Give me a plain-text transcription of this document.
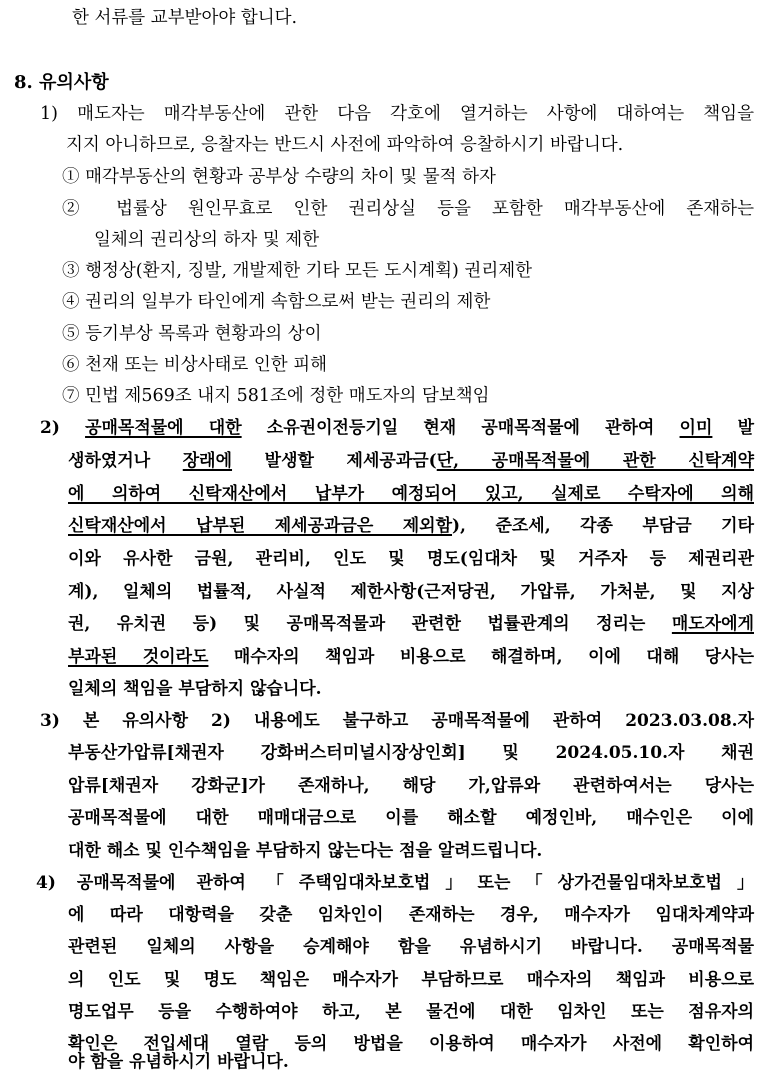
한 서류를 교부받아야 합니다.
8. 유의사항
1) 매도자는 매각부동산에 관한 다음 각호에 열거하는 사항에 대하여는 책임을
지지 아니하므로, 응찰자는 반드시 사전에 파악하여 응찰하시기 바랍니다.
① 매각부동산의 현황과 공부상 수량의 차이 및 물적 하자
② 법률상 원인무효로 인한 권리상실 등을 포함한 매각부동산에 존재하는
일체의 권리상의 하자 및 제한
③ 행정상(환지, 징발, 개발제한 기타 모든 도시계획) 권리제한
④ 권리의 일부가 타인에게 속함으로써 받는 권리의 제한
⑤ 등기부상 목록과 현황과의 상이
⑥ 천재 또는 비상사태로 인한 피해
⑦ 민법 제569조 내지 581조에 정한 매도자의 담보책임
2) 공매목적물에 대한 소유권이전등기일 현재 공매목적물에 관하여 이미 발
생하였거나 장래에 발생할 제세공과금(단, 공매목적물에 관한 신탁계약
에 의하여 신탁재산에서 납부가 예정되어 있고, 실제로 수탁자에 의해
신탁재산에서 납부된 제세공과금은 제외함), 준조세, 각종 부담금 기타
이와 유사한 금원, 관리비, 인도 및 명도(임대차 및 거주자 등 제권리관
계), 일체의 법률적, 사실적 제한사항(근저당권, 가압류, 가처분, 및 지상
권, 유치권 등) 및 공매목적물과 관련한 법률관계의 정리는 매도자에게
부과된 것이라도 매수자의 책임과 비용으로 해결하며, 이에 대해 당사는
일체의 책임을 부담하지 않습니다.
3) 본 유의사항 2) 내용에도 불구하고 공매목적물에 관하여 2023.03.08.자
부동산가압류[채권자 강화버스터미널시장상인회] 및 2024.05.10.자 채권
압류[채권자 강화군]가 존재하나, 해당 가,압류와 관련하여서는 당사는
공매목적물에 대한 매매대금으로 이를 해소할 예정인바, 매수인은 이에
대한 해소 및 인수책임을 부담하지 않는다는 점을 알려드립니다.
4) 공매목적물에 관하여 「주택임대차보호법」또는「상가건물임대차보호법」
에 따라 대항력을 갖춘 임차인이 존재하는 경우, 매수자가 임대차계약과
관련된 일체의 사항을 승계해야 함을 유념하시기 바랍니다. 공매목적물
의 인도 및 명도 책임은 매수자가 부담하므로 매수자의 책임과 비용으로
명도업무 등을 수행하여야 하고, 본 물건에 대한 임차인 또는 점유자의
확인은 전입세대 열람 등의 방법을 이용하여 매수자가 사전에 확인하여
야 함을 유념하시기 바랍니다.
